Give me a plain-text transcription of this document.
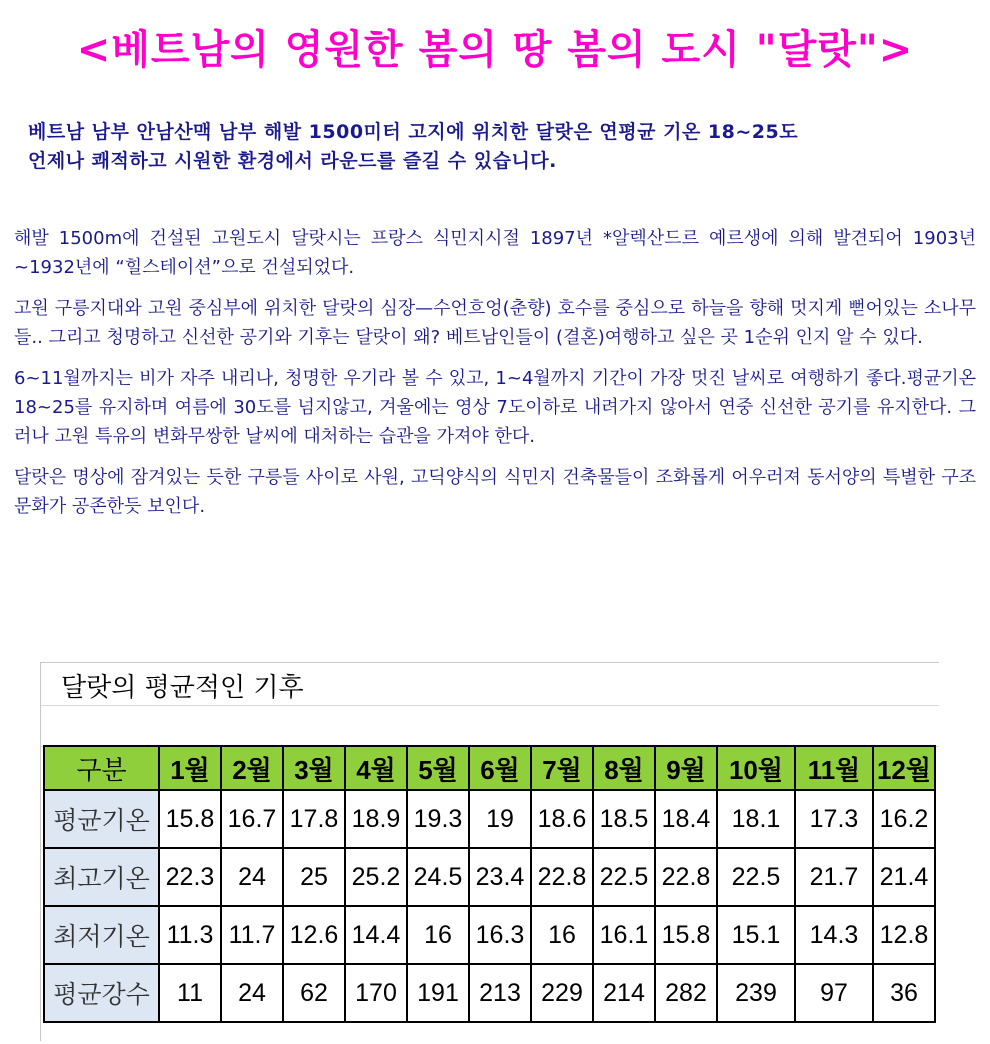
<베트남의 영원한 봄의 땅 봄의 도시 "달랏">
베트남 남부 안남산맥 남부 해발 1500미터 고지에 위치한 달랏은 연평균 기온 18~25도
언제나 쾌적하고 시원한 환경에서 라운드를 즐길 수 있습니다.

해발 1500m에 건설된 고원도시 달랏시는 프랑스 식민지시절 1897년 *알렉산드르 예르생에 의해 발견되어 1903년~1932년에 “힐스테이션”으로 건설되었다.

고원 구릉지대와 고원 중심부에 위치한 달랏의 심장—수언흐엉(춘향) 호수를 중심으로 하늘을 향해 멋지게 뻗어있는 소나무들.. 그리고 청명하고 신선한 공기와 기후는 달랏이 왜? 베트남인들이 (결혼)여행하고 싶은 곳 1순위 인지 알 수 있다.

6~11월까지는 비가 자주 내리나, 청명한 우기라 볼 수 있고, 1~4월까지 기간이 가장 멋진 날씨로 여행하기 좋다.평균기온 18~25를 유지하며 여름에 30도를 넘지않고, 겨울에는 영상 7도이하로 내려가지 않아서 연중 신선한 공기를 유지한다. 그러나 고원 특유의 변화무쌍한 날씨에 대처하는 습관을 가져야 한다.

달랏은 명상에 잠겨있는 듯한 구릉들 사이로 사원, 고딕양식의 식민지 건축물들이 조화롭게 어우러져 동서양의 특별한 구조문화가 공존한듯 보인다.

달랏의 평균적인 기후
구분	1월	2월	3월	4월	5월	6월	7월	8월	9월	10월	11월	12월
평균기온	15.8	16.7	17.8	18.9	19.3	19	18.6	18.5	18.4	18.1	17.3	16.2
최고기온	22.3	24	25	25.2	24.5	23.4	22.8	22.5	22.8	22.5	21.7	21.4
최저기온	11.3	11.7	12.6	14.4	16	16.3	16	16.1	15.8	15.1	14.3	12.8
평균강수	11	24	62	170	191	213	229	214	282	239	97	36
